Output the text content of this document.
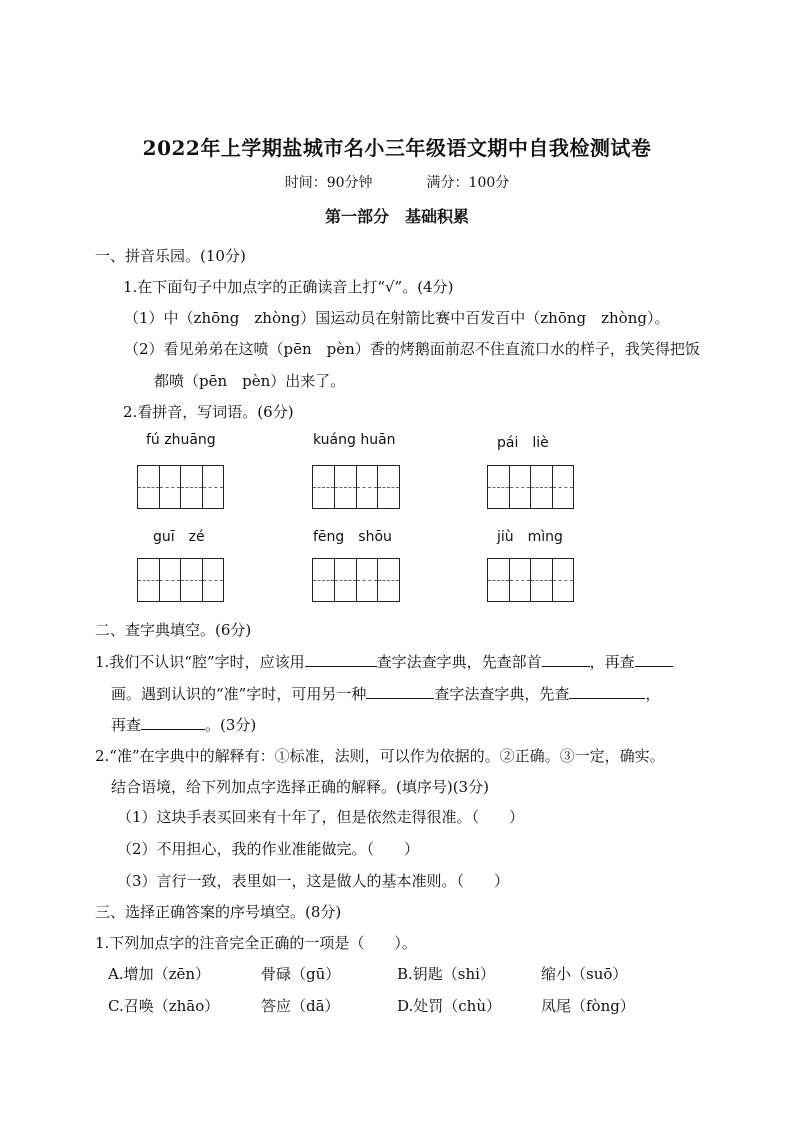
2022年上学期盐城市名小三年级语文期中自我检测试卷
时间：90分钟	满分：100分
第一部分　基础积累
一、拼音乐园。(10分)
1.在下面句子中加点字的正确读音上打“√”。(4分)
（1）中（zhōng　zhòng）国运动员在射箭比赛中百发百中（zhōng　zhòng）。
（2）看见弟弟在这喷（pēn　pèn）香的烤鹅面前忍不住直流口水的样子，我笑得把饭
都喷（pēn　pèn）出来了。
2.看拼音，写词语。(6分)
fú zhuāng	kuáng huān	pái　liè
guī　zé	fēng　shōu	jiù　mìng
二、查字典填空。(6分)
1.我们不认识“腔”字时，应该用	查字法查字典，先查部首	，再查
画。遇到认识的“准”字时，可用另一种	查字法查字典，先查	，
再查	。(3分)
2.“准”在字典中的解释有：①标准，法则，可以作为依据的。②正确。③一定，确实。
结合语境，给下列加点字选择正确的解释。(填序号)(3分)
（1）这块手表买回来有十年了，但是依然走得很准。（　　）
（2）不用担心，我的作业准能做完。（　　）
（3）言行一致，表里如一，这是做人的基本准则。（　　）
三、选择正确答案的序号填空。(8分)
1.下列加点字的注音完全正确的一项是（　　）。
A.增加（zēn）	骨碌（gū）	B.钥匙（shi）	缩小（suō）
C.召唤（zhāo）	答应（dā）	D.处罚（chù）	凤尾（fòng）
